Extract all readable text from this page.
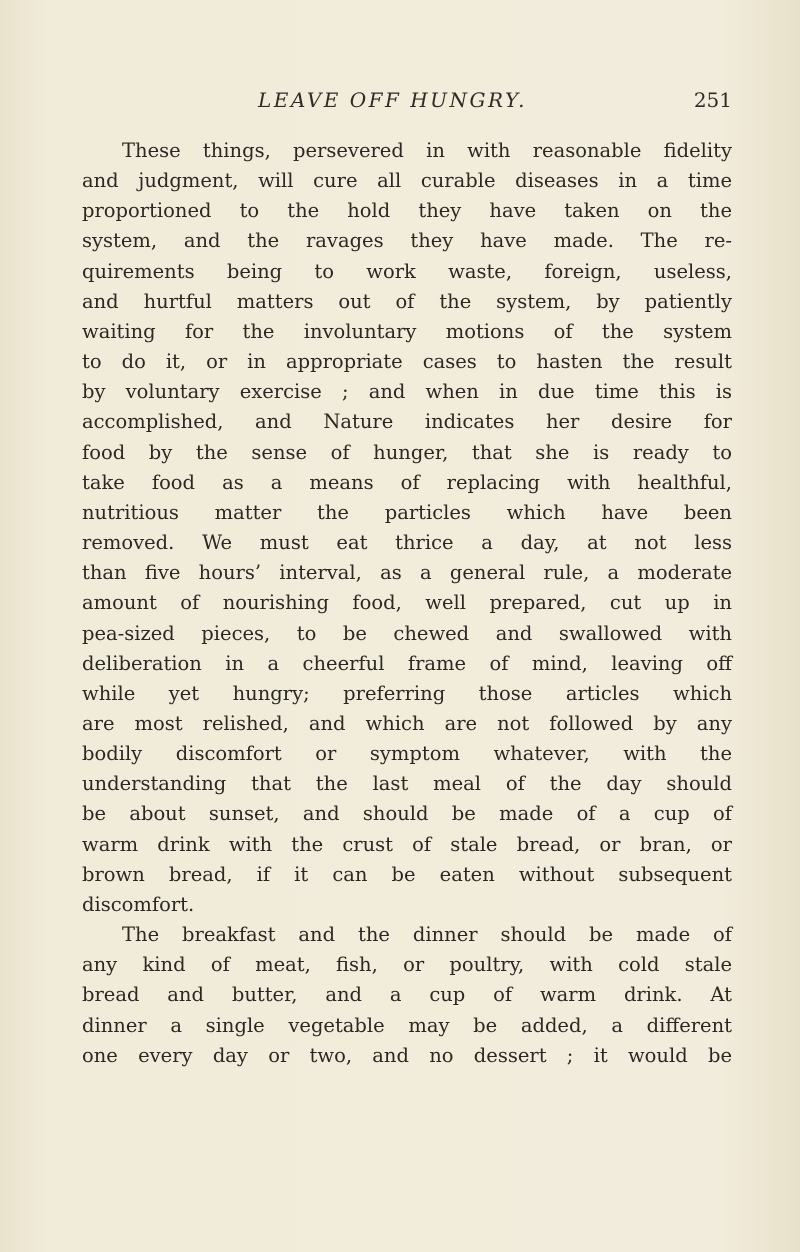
LEAVE OFF HUNGRY.	251
These things, persevered in with reasonable fidelity
and judgment, will cure all curable diseases in a time
proportioned to the hold they have taken on the
system, and the ravages they have made. The re-
quirements being to work waste, foreign, useless,
and hurtful matters out of the system, by patiently
waiting for the involuntary motions of the system
to do it, or in appropriate cases to hasten the result
by voluntary exercise ; and when in due time this is
accomplished, and Nature indicates her desire for
food by the sense of hunger, that she is ready to
take food as a means of replacing with healthful,
nutritious matter the particles which have been
removed. We must eat thrice a day, at not less
than five hours’ interval, as a general rule, a moderate
amount of nourishing food, well prepared, cut up in
pea-sized pieces, to be chewed and swallowed with
deliberation in a cheerful frame of mind, leaving off
while yet hungry; preferring those articles which
are most relished, and which are not followed by any
bodily discomfort or symptom whatever, with the
understanding that the last meal of the day should
be about sunset, and should be made of a cup of
warm drink with the crust of stale bread, or bran, or
brown bread, if it can be eaten without subsequent
discomfort.
The breakfast and the dinner should be made of
any kind of meat, fish, or poultry, with cold stale
bread and butter, and a cup of warm drink. At
dinner a single vegetable may be added, a different
one every day or two, and no dessert ; it would be
